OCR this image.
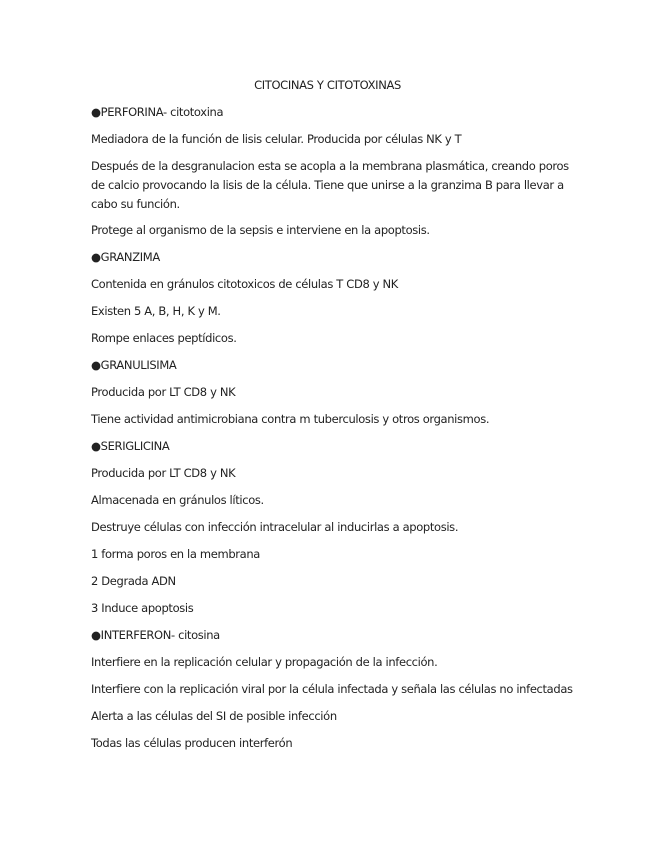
CITOCINAS Y CITOTOXINAS
●PERFORINA- citotoxina
Mediadora de la función de lisis celular. Producida por células NK y T
Después de la desgranulacion esta se acopla a la membrana plasmática, creando poros
de calcio provocando la lisis de la célula. Tiene que unirse a la granzima B para llevar a
cabo su función.
Protege al organismo de la sepsis e interviene en la apoptosis.
●GRANZIMA
Contenida en gránulos citotoxicos de células T CD8 y NK
Existen 5 A, B, H, K y M.
Rompe enlaces peptídicos.
●GRANULISIMA
Producida por LT CD8 y NK
Tiene actividad antimicrobiana contra m tuberculosis y otros organismos.
●SERIGLICINA
Producida por LT CD8 y NK
Almacenada en gránulos líticos.
Destruye células con infección intracelular al inducirlas a apoptosis.
1 forma poros en la membrana
2 Degrada ADN
3 Induce apoptosis
●INTERFERON- citosina
Interfiere en la replicación celular y propagación de la infección.
Interfiere con la replicación viral por la célula infectada y señala las células no infectadas
Alerta a las células del SI de posible infección
Todas las células producen interferón
